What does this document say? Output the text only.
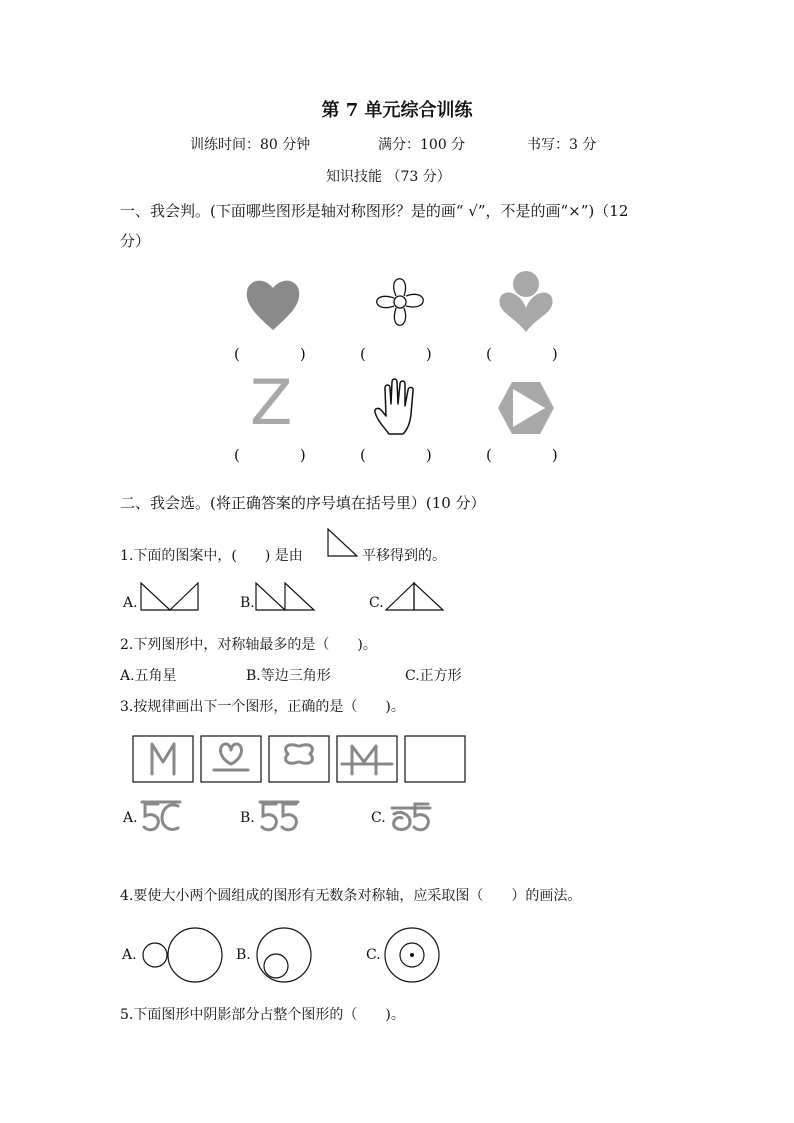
第 7 单元综合训练
训练时间：80 分钟	满分：100 分	书写：3 分
知识技能 （73 分）
一、我会判。(下面哪些图形是轴对称图形？是的画“ √”，不是的画“×”)（12
分）
(　　　　)	(　　　　)	(　　　　)
Z
(　　　　)	(　　　　)	(　　　　)
二、我会选。(将正确答案的序号填在括号里）(10 分）
1.下面的图案中，(　　) 是由	平移得到的。
A.	B.	C.
2.下列图形中，对称轴最多的是（　　)。
A.五角星	B.等边三角形	C.正方形
3.按规律画出下一个图形，正确的是（　　)。
A.	B.	C.
4.要使大小两个圆组成的图形有无数条对称轴，应采取图（　　）的画法。
A.	B.	C.
5.下面图形中阴影部分占整个图形的（　　)。
